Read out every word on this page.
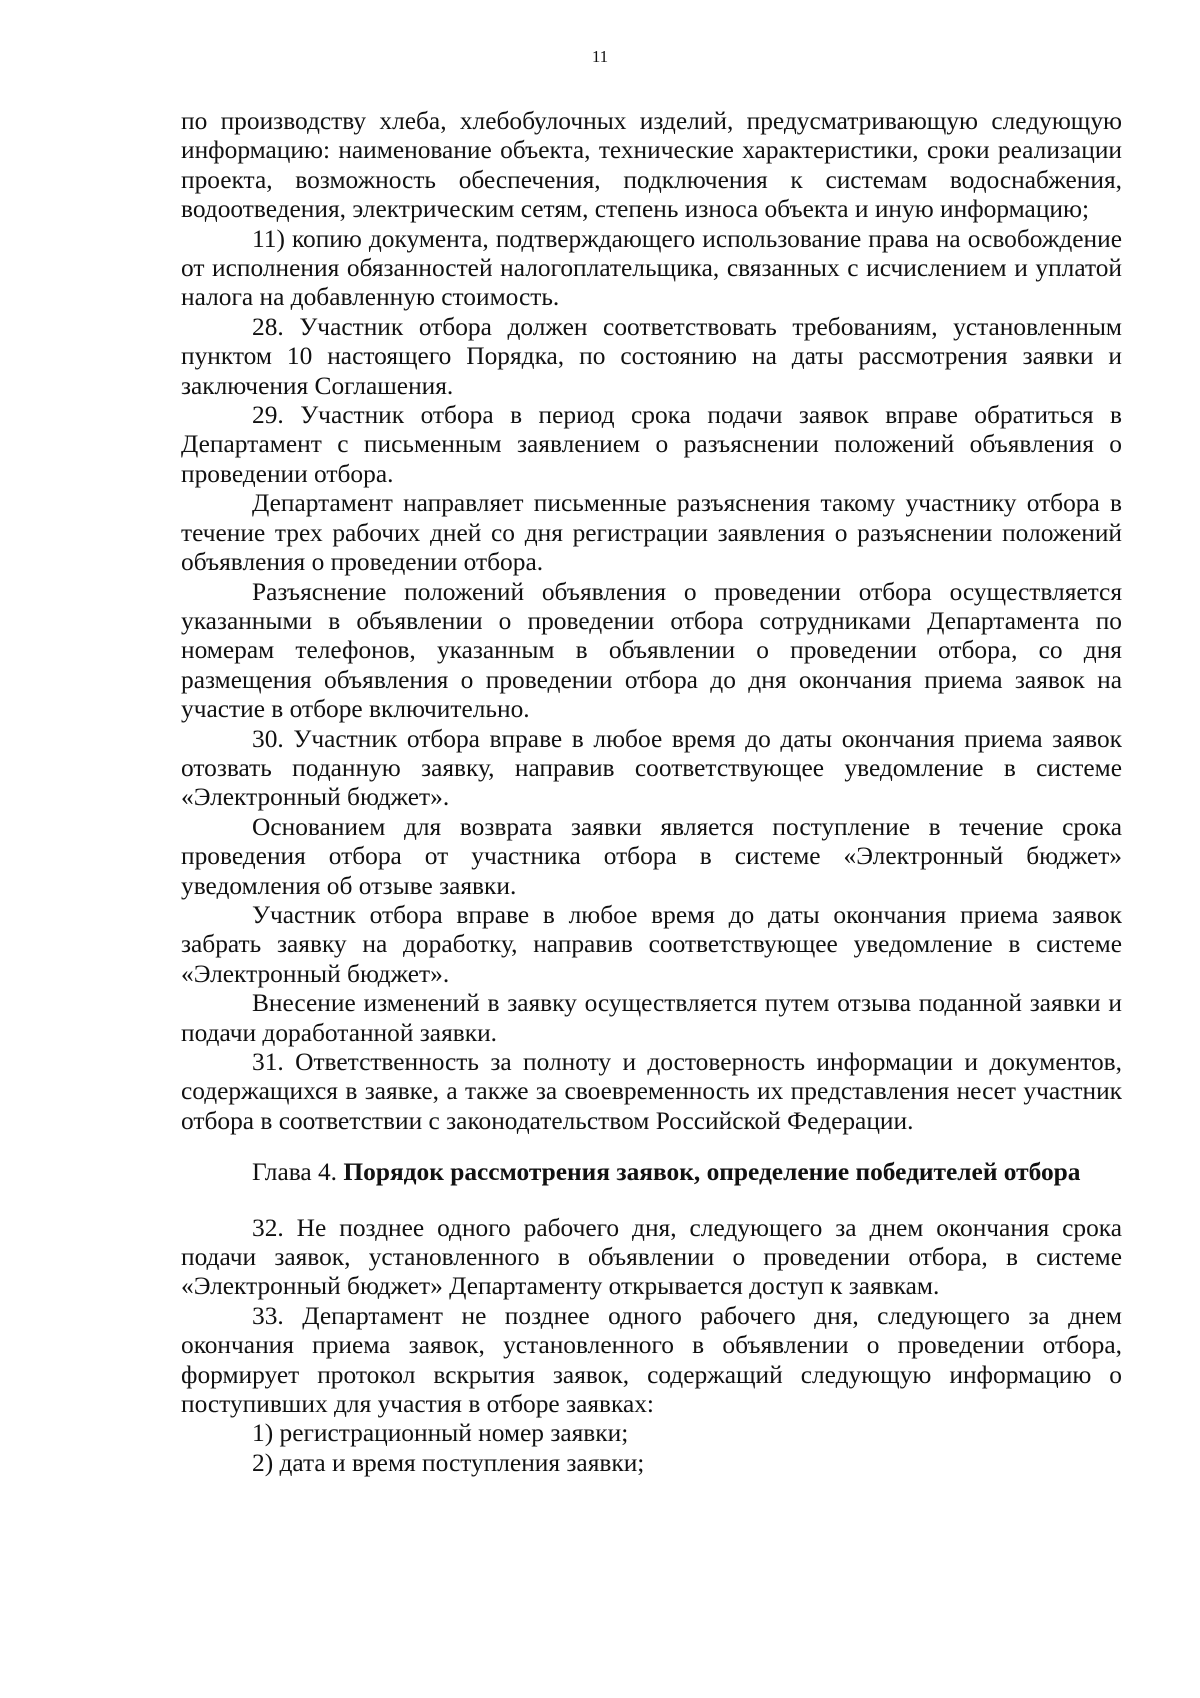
11

по производству хлеба, хлебобулочных изделий, предусматривающую следующую информацию: наименование объекта, технические характеристики, сроки реализации проекта, возможность обеспечения, подключения к системам водоснабжения, водоотведения, электрическим сетям, степень износа объекта и иную информацию;

11) копию документа, подтверждающего использование права на освобождение от исполнения обязанностей налогоплательщика, связанных с исчислением и уплатой налога на добавленную стоимость.

28. Участник отбора должен соответствовать требованиям, установленным пунктом 10 настоящего Порядка, по состоянию на даты рассмотрения заявки и заключения Соглашения.

29. Участник отбора в период срока подачи заявок вправе обратиться в Департамент с письменным заявлением о разъяснении положений объявления о проведении отбора.

Департамент направляет письменные разъяснения такому участнику отбора в течение трех рабочих дней со дня регистрации заявления о разъяснении положений объявления о проведении отбора.

Разъяснение положений объявления о проведении отбора осуществляется указанными в объявлении о проведении отбора сотрудниками Департамента по номерам телефонов, указанным в объявлении о проведении отбора, со дня размещения объявления о проведении отбора до дня окончания приема заявок на участие в отборе включительно.

30. Участник отбора вправе в любое время до даты окончания приема заявок отозвать поданную заявку, направив соответствующее уведомление в системе «Электронный бюджет».

Основанием для возврата заявки является поступление в течение срока проведения отбора от участника отбора в системе «Электронный бюджет» уведомления об отзыве заявки.

Участник отбора вправе в любое время до даты окончания приема заявок забрать заявку на доработку, направив соответствующее уведомление в системе «Электронный бюджет».

Внесение изменений в заявку осуществляется путем отзыва поданной заявки и подачи доработанной заявки.

31. Ответственность за полноту и достоверность информации и документов, содержащихся в заявке, а также за своевременность их представления несет участник отбора в соответствии с законодательством Российской Федерации.

Глава 4. Порядок рассмотрения заявок, определение победителей отбора

32. Не позднее одного рабочего дня, следующего за днем окончания срока подачи заявок, установленного в объявлении о проведении отбора, в системе «Электронный бюджет» Департаменту открывается доступ к заявкам.

33. Департамент не позднее одного рабочего дня, следующего за днем окончания приема заявок, установленного в объявлении о проведении отбора, формирует протокол вскрытия заявок, содержащий следующую информацию о поступивших для участия в отборе заявках:

1) регистрационный номер заявки;

2) дата и время поступления заявки;
